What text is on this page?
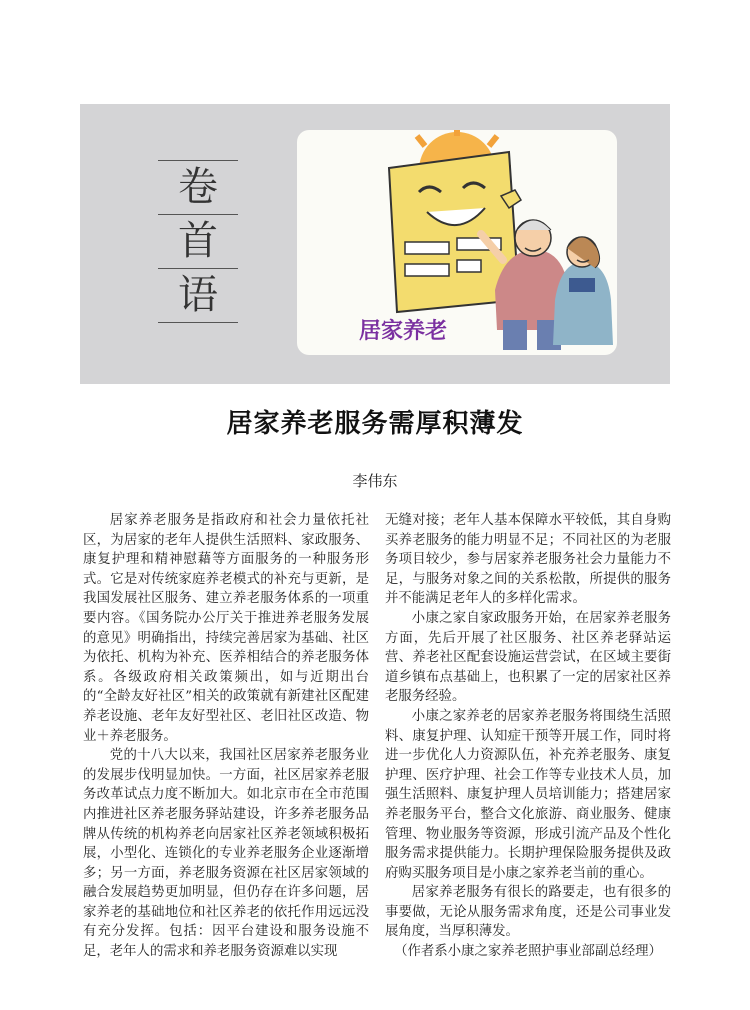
卷
首
语
居家养老
居家养老服务需厚积薄发
李伟东

居家养老服务是指政府和社会力量依托社区，为居家的老年人提供生活照料、家政服务、康复护理和精神慰藉等方面服务的一种服务形式。它是对传统家庭养老模式的补充与更新，是我国发展社区服务、建立养老服务体系的一项重要内容。《国务院办公厅关于推进养老服务发展的意见》明确指出，持续完善居家为基础、社区为依托、机构为补充、医养相结合的养老服务体系。各级政府相关政策频出，如与近期出台的“全龄友好社区”相关的政策就有新建社区配建养老设施、老年友好型社区、老旧社区改造、物业＋养老服务。

党的十八大以来，我国社区居家养老服务业的发展步伐明显加快。一方面，社区居家养老服务改革试点力度不断加大。如北京市在全市范围内推进社区养老服务驿站建设，许多养老服务品牌从传统的机构养老向居家社区养老领域积极拓展，小型化、连锁化的专业养老服务企业逐渐增多；另一方面，养老服务资源在社区居家领域的融合发展趋势更加明显，但仍存在许多问题，居家养老的基础地位和社区养老的依托作用远远没有充分发挥。包括：因平台建设和服务设施不足，老年人的需求和养老服务资源难以实现

无缝对接；老年人基本保障水平较低，其自身购买养老服务的能力明显不足；不同社区的为老服务项目较少，参与居家养老服务社会力量能力不足，与服务对象之间的关系松散，所提供的服务并不能满足老年人的多样化需求。

小康之家自家政服务开始，在居家养老服务方面，先后开展了社区服务、社区养老驿站运营、养老社区配套设施运营尝试，在区域主要街道乡镇布点基础上，也积累了一定的居家社区养老服务经验。

小康之家养老的居家养老服务将围绕生活照料、康复护理、认知症干预等开展工作，同时将进一步优化人力资源队伍，补充养老服务、康复护理、医疗护理、社会工作等专业技术人员，加强生活照料、康复护理人员培训能力；搭建居家养老服务平台，整合文化旅游、商业服务、健康管理、物业服务等资源，形成引流产品及个性化服务需求提供能力。长期护理保险服务提供及政府购买服务项目是小康之家养老当前的重心。

居家养老服务有很长的路要走，也有很多的事要做，无论从服务需求角度，还是公司事业发展角度，当厚积薄发。

（作者系小康之家养老照护事业部副总经理）
